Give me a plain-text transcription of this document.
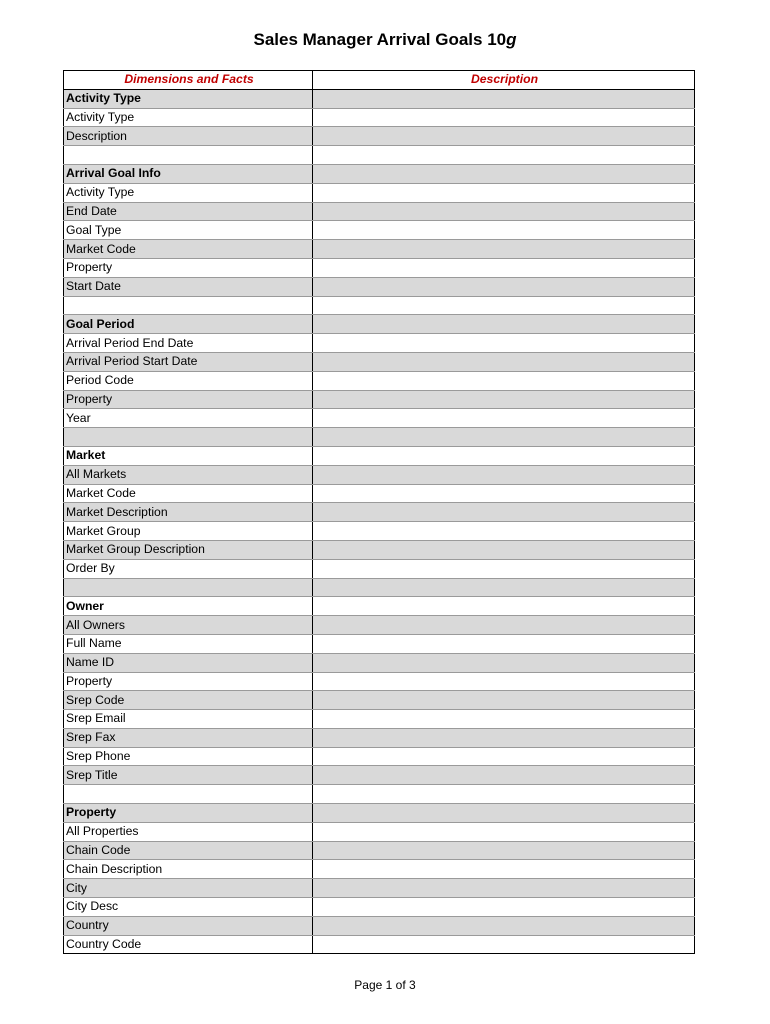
Sales Manager Arrival Goals 10g
Dimensions and Facts	Description
Activity Type	
Activity Type	
Description	

Arrival Goal Info	
Activity Type	
End Date	
Goal Type	
Market Code	
Property	
Start Date	

Goal Period	
Arrival Period End Date	
Arrival Period Start Date	
Period Code	
Property	
Year	

Market	
All Markets	
Market Code	
Market Description	
Market Group	
Market Group Description	
Order By	

Owner	
All Owners	
Full Name	
Name ID	
Property	
Srep Code	
Srep Email	
Srep Fax	
Srep Phone	
Srep Title	

Property	
All Properties	
Chain Code	
Chain Description	
City	
City Desc	
Country	
Country Code	
Page 1 of 3
